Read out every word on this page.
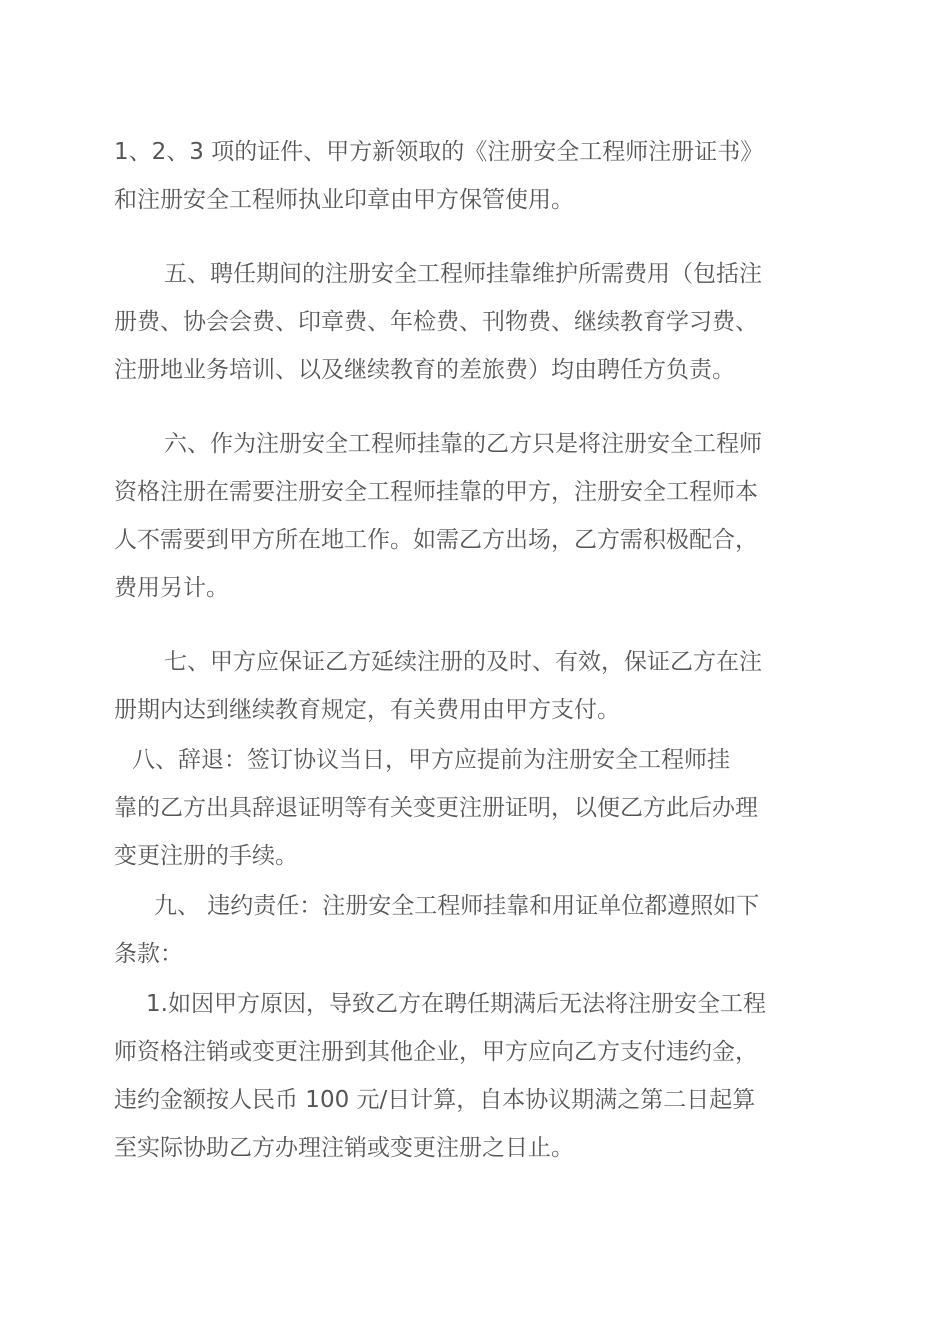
1、2、3 项的证件、甲方新领取的《注册安全工程师注册证书》
和注册安全工程师执业印章由甲方保管使用。
五、聘任期间的注册安全工程师挂靠维护所需费用（包括注
册费、协会会费、印章费、年检费、刊物费、继续教育学习费、
注册地业务培训、以及继续教育的差旅费）均由聘任方负责。
六、作为注册安全工程师挂靠的乙方只是将注册安全工程师
资格注册在需要注册安全工程师挂靠的甲方，注册安全工程师本
人不需要到甲方所在地工作。如需乙方出场，乙方需积极配合，
费用另计。
七、甲方应保证乙方延续注册的及时、有效，保证乙方在注
册期内达到继续教育规定，有关费用由甲方支付。
八、辞退：签订协议当日，甲方应提前为注册安全工程师挂
靠的乙方出具辞退证明等有关变更注册证明，以便乙方此后办理
变更注册的手续。
九、 违约责任：注册安全工程师挂靠和用证单位都遵照如下
条款：
1.如因甲方原因，导致乙方在聘任期满后无法将注册安全工程
师资格注销或变更注册到其他企业，甲方应向乙方支付违约金，
违约金额按人民币 100 元/日计算，自本协议期满之第二日起算
至实际协助乙方办理注销或变更注册之日止。
